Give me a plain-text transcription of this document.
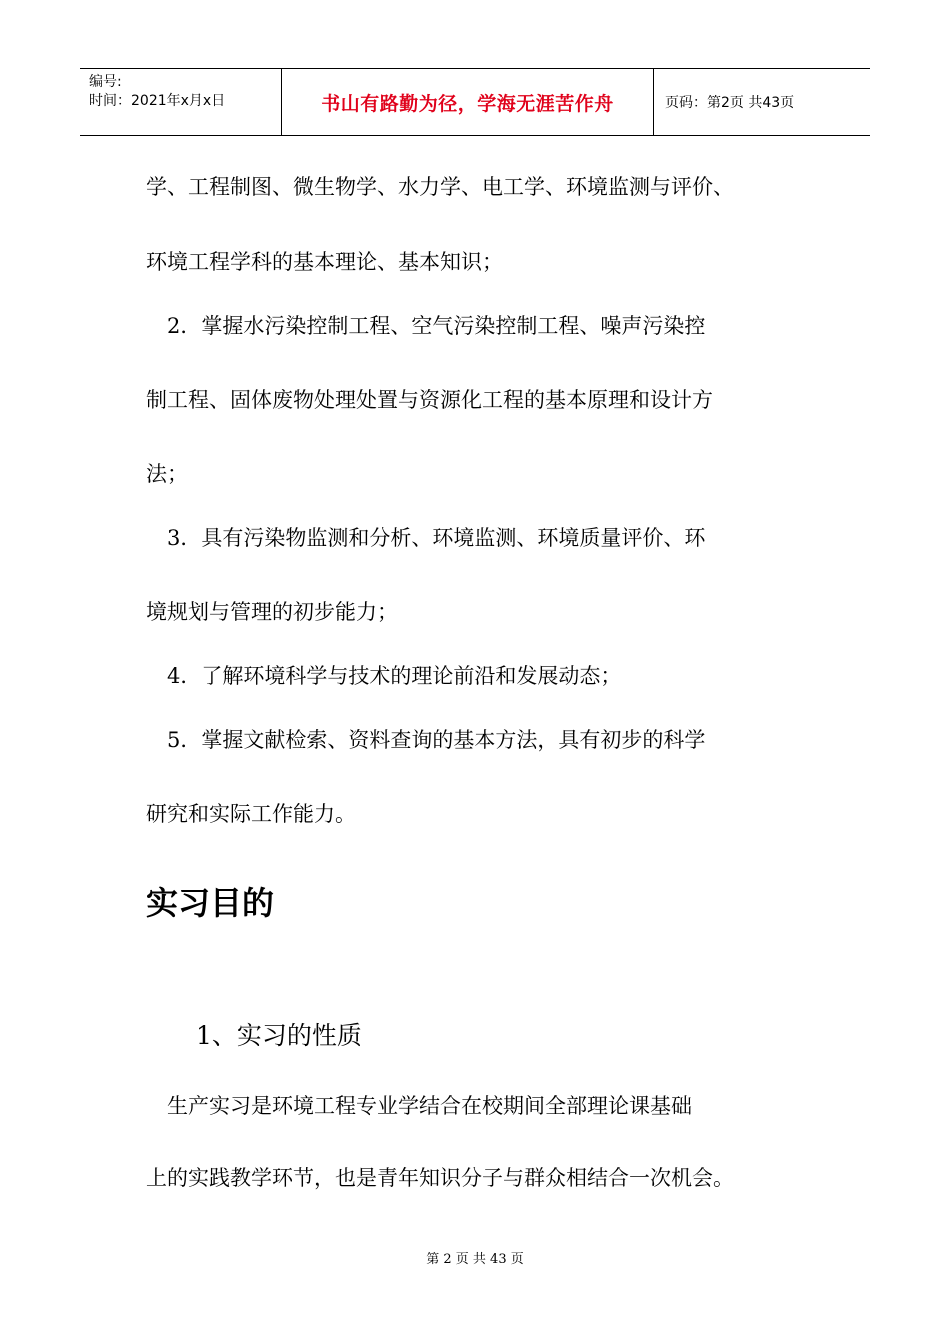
编号:
时间：2021年x月x日	书山有路勤为径，学海无涯苦作舟	页码：第2页 共43页
学、工程制图、微生物学、水力学、电工学、环境监测与评价、
环境工程学科的基本理论、基本知识；
　2．掌握水污染控制工程、空气污染控制工程、噪声污染控
制工程、固体废物处理处置与资源化工程的基本原理和设计方
法；
　3．具有污染物监测和分析、环境监测、环境质量评价、环
境规划与管理的初步能力；
　4．了解环境科学与技术的理论前沿和发展动态；
　5．掌握文献检索、资料查询的基本方法，具有初步的科学
研究和实际工作能力。
实习目的
1、实习的性质
　生产实习是环境工程专业学结合在校期间全部理论课基础
上的实践教学环节，也是青年知识分子与群众相结合一次机会。
第 2 页 共 43 页
